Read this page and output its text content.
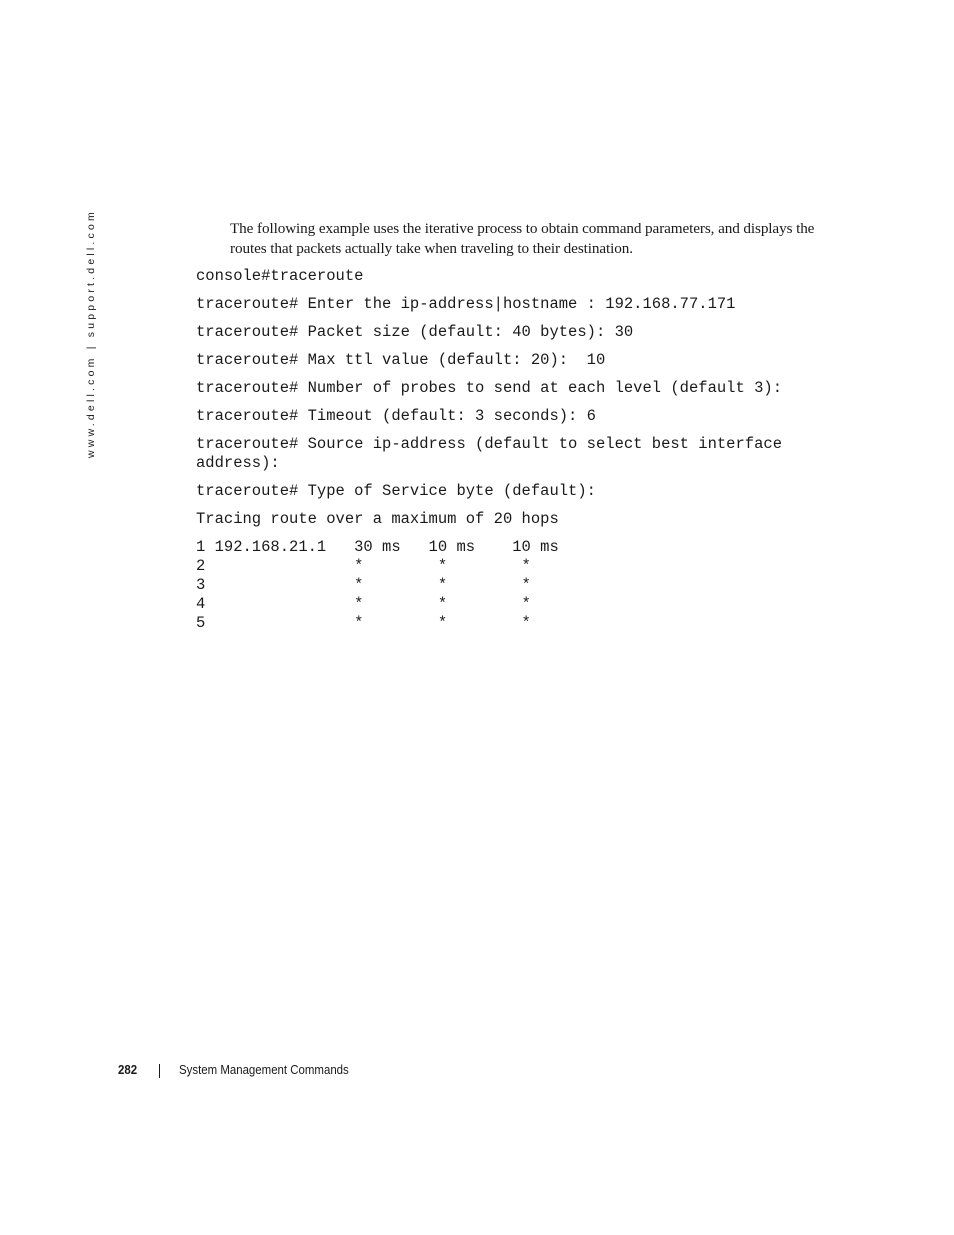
www.dell.com | support.dell.com	The following example uses the iterative process to obtain command parameters, and displays the routes that packets actually take when traveling to their destination.

console#traceroute
traceroute# Enter the ip-address|hostname : 192.168.77.171
traceroute# Packet size (default: 40 bytes): 30
traceroute# Max ttl value (default: 20):  10
traceroute# Number of probes to send at each level (default 3):
traceroute# Timeout (default: 3 seconds): 6
traceroute# Source ip-address (default to select best interface
address):
traceroute# Type of Service byte (default):
Tracing route over a maximum of 20 hops
1 192.168.21.1   30 ms   10 ms    10 ms
2                *        *        *
3                *        *        *
4                *        *        *
5                *        *        *
282	System Management Commands
